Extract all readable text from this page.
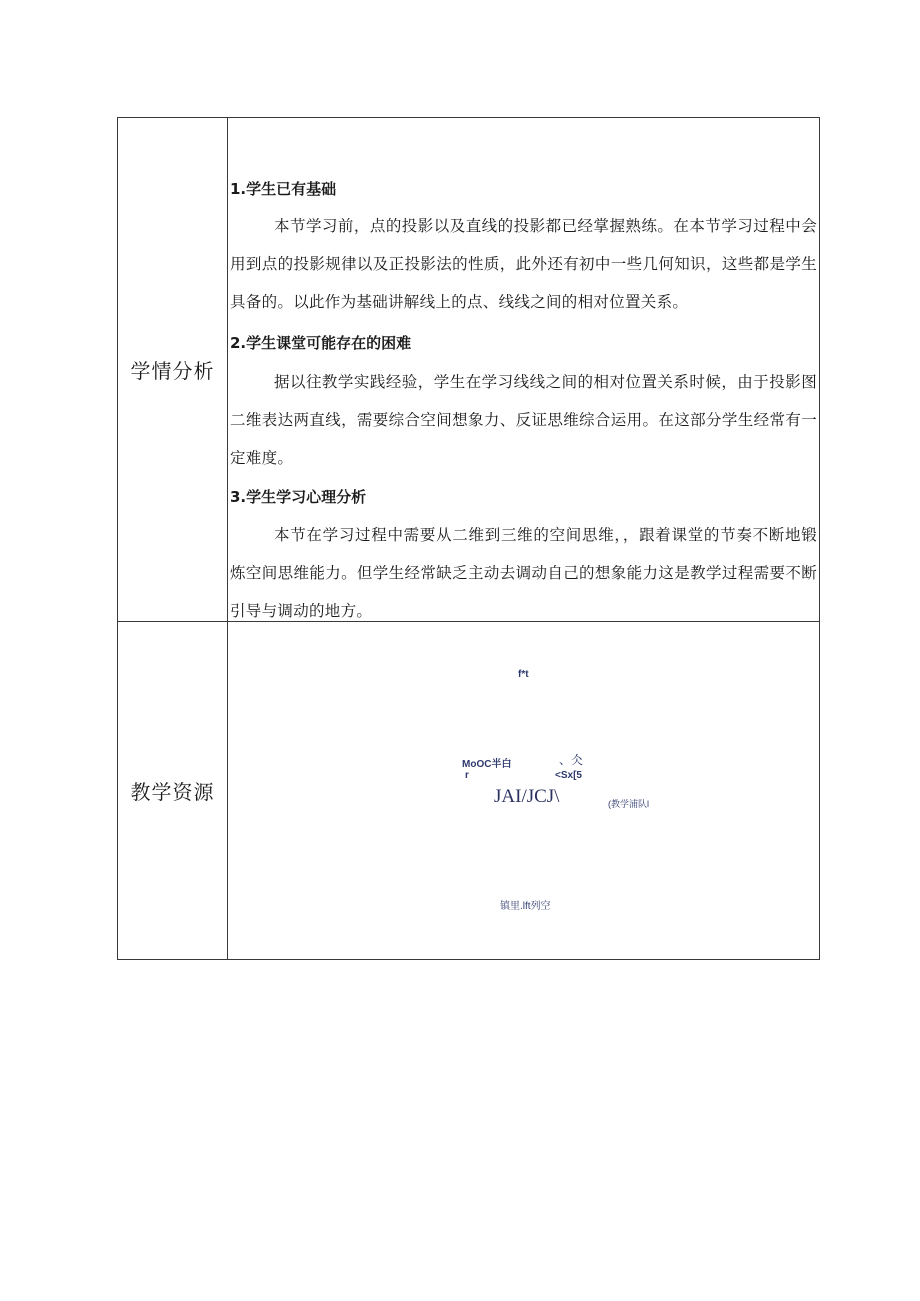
学情分析
1.学生已有基础
本节学习前，点的投影以及直线的投影都已经掌握熟练。在本节学习过程中会用到点的投影规律以及正投影法的性质，此外还有初中一些几何知识，这些都是学生具备的。以此作为基础讲解线上的点、线线之间的相对位置关系。
2.学生课堂可能存在的困难
据以往教学实践经验，学生在学习线线之间的相对位置关系时候，由于投影图二维表达两直线，需要综合空间想象力、反证思维综合运用。在这部分学生经常有一定难度。
3.学生学习心理分析
本节在学习过程中需要从二维到三维的空间思维，，跟着课堂的节奏不断地锻炼空间思维能力。但学生经常缺乏主动去调动自己的想象能力这是教学过程需要不断引导与调动的地方。
教学资源
f*t
MoOC半白	、仌
r	<Sx[5
JAI/JCJ\	(教学浦队l
镇里.lft列空
